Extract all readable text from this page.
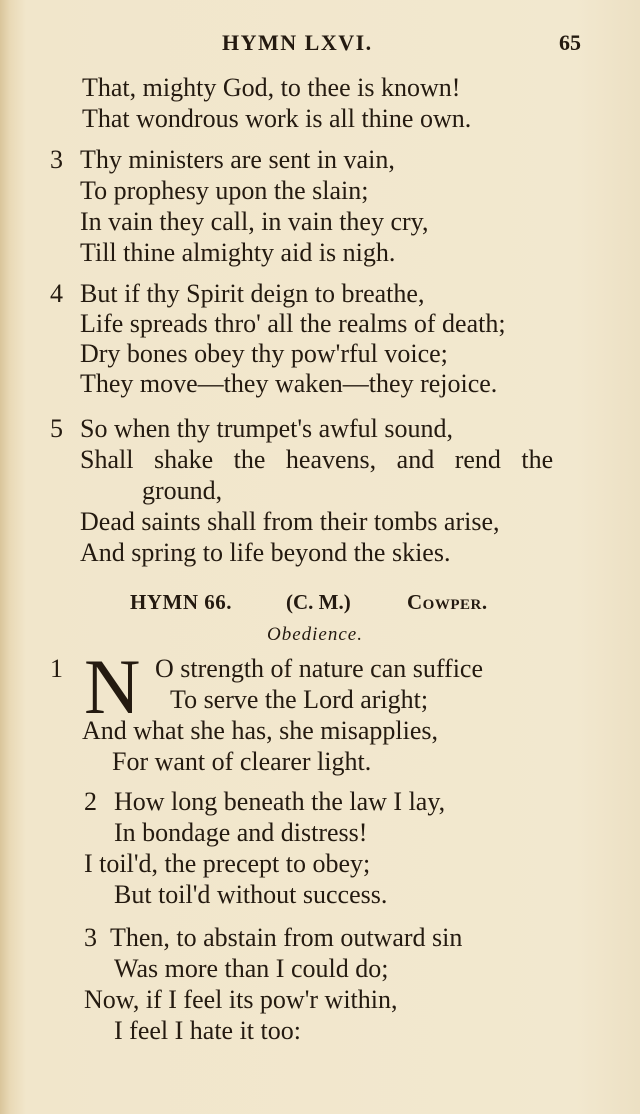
HYMN LXVI.	65
That, mighty God, to thee is known!
That wondrous work is all thine own.
3 Thy ministers are sent in vain,
To prophesy upon the slain;
In vain they call, in vain they cry,
Till thine almighty aid is nigh.
4 But if thy Spirit deign to breathe,
Life spreads thro' all the realms of death;
Dry bones obey thy pow'rful voice;
They move—they waken—they rejoice.
5 So when thy trumpet's awful sound,
Shall shake the heavens, and rend the
ground,
Dead saints shall from their tombs arise,
And spring to life beyond the skies.
HYMN 66.	(C. M.)	Cowper.
Obedience.
1 N O strength of nature can suffice
To serve the Lord aright;
And what she has, she misapplies,
For want of clearer light.
2 How long beneath the law I lay,
In bondage and distress!
I toil'd, the precept to obey;
But toil'd without success.
3 Then, to abstain from outward sin
Was more than I could do;
Now, if I feel its pow'r within,
I feel I hate it too:
